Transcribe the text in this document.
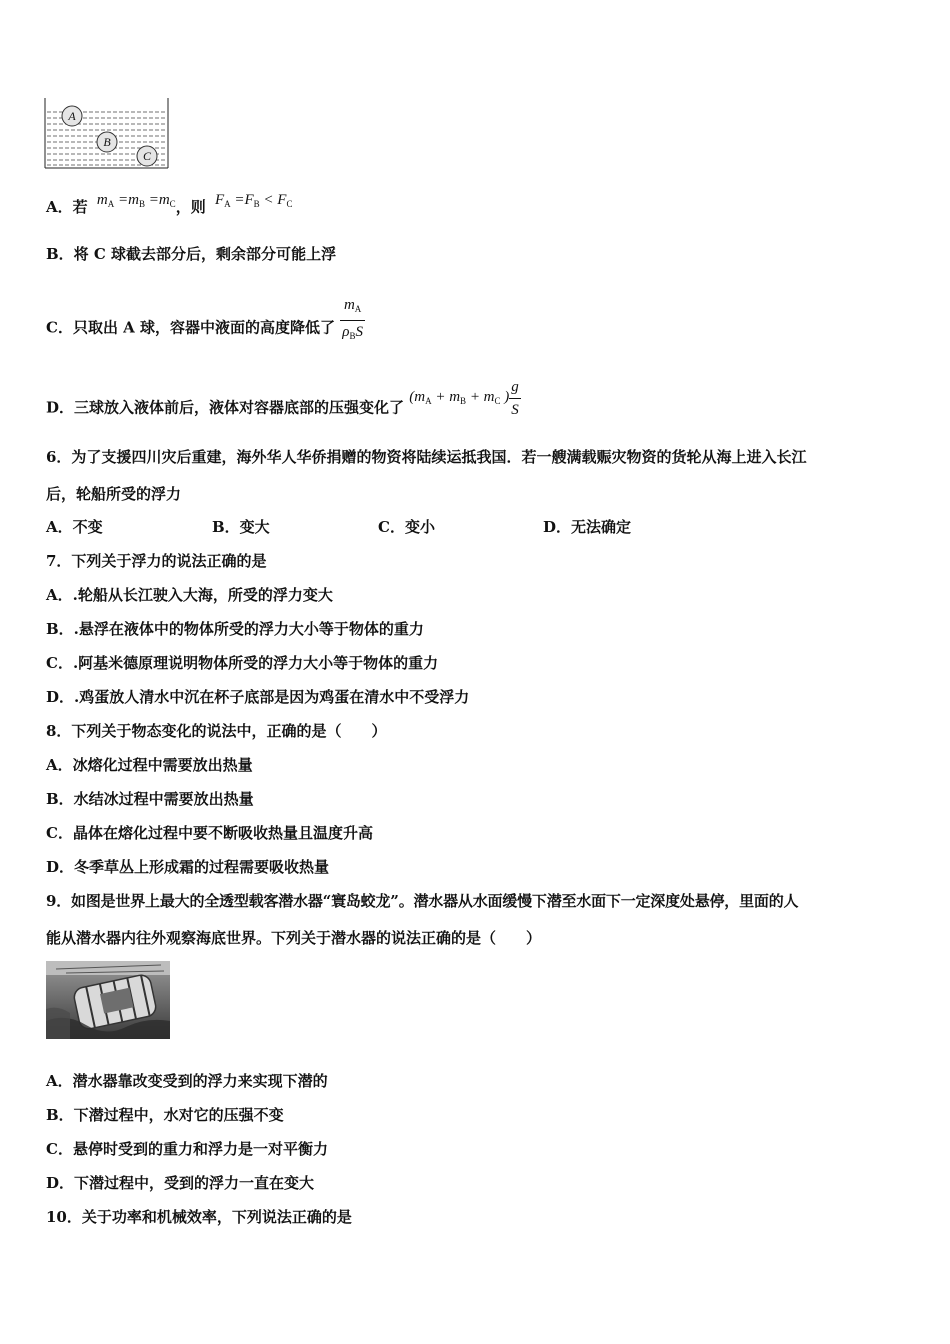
A
B
C
A．若 $m_A =m_B =m_C$，则 $F_A =F_B < F_C$
B．将 C 球截去部分后，剩余部分可能上浮
C．只取出 A 球，容器中液面的高度降低了 $\frac{m_A}{\rho_BS}$
D．三球放入液体前后，液体对容器底部的压强变化了 ($m_A + m_B + m_C$ ) $\frac{g}{S}$
6．为了支援四川灾后重建，海外华人华侨捐赠的物资将陆续运抵我国．若一艘满载赈灾物资的货轮从海上进入长江
后，轮船所受的浮力
A．不变	B．变大	C．变小	D．无法确定
7．下列关于浮力的说法正确的是
A．.轮船从长江驶入大海，所受的浮力变大
B．.悬浮在液体中的物体所受的浮力大小等于物体的重力
C．.阿基米德原理说明物体所受的浮力大小等于物体的重力
D．.鸡蛋放人清水中沉在杯子底部是因为鸡蛋在清水中不受浮力
8．下列关于物态变化的说法中，正确的是（　　）
A．冰熔化过程中需要放出热量
B．水结冰过程中需要放出热量
C．晶体在熔化过程中要不断吸收热量且温度升高
D．冬季草丛上形成霜的过程需要吸收热量
9．如图是世界上最大的全透型载客潜水器“寰岛蛟龙”。潜水器从水面缓慢下潜至水面下一定深度处悬停，里面的人
能从潜水器内往外观察海底世界。下列关于潜水器的说法正确的是（　　）
A．潜水器靠改变受到的浮力来实现下潜的
B．下潜过程中，水对它的压强不变
C．悬停时受到的重力和浮力是一对平衡力
D．下潜过程中，受到的浮力一直在变大
10．关于功率和机械效率，下列说法正确的是
